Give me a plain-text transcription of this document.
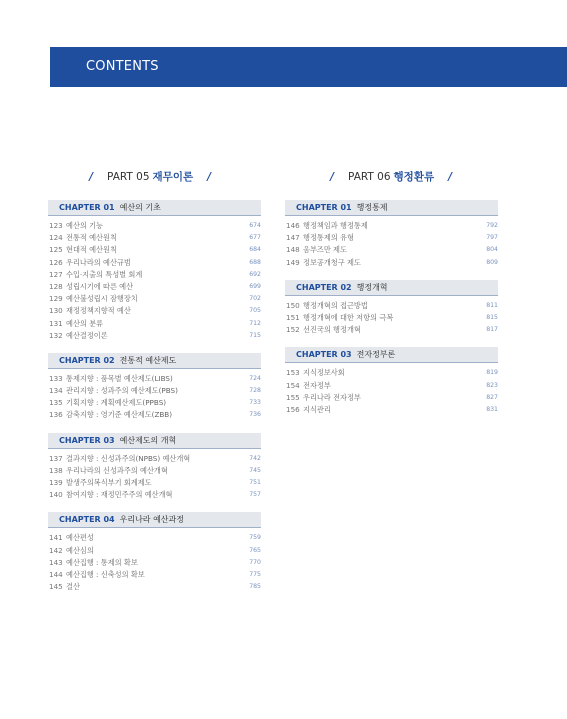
CONTENTS
/ PART 05 재무이론 /	/ PART 06 행정환류 /
CHAPTER 01 예산의 기초
123 예산의 기능	674
124 전통적 예산원칙	677
125 현대적 예산원칙	684
126 우리나라의 예산규범	688
127 수입·지출의 특성별 회계	692
128 성립시기에 따른 예산	699
129 예산불성립시 잠행장치	702
130 재정정책지향적 예산	705
131 예산의 분류	712
132 예산결정이론	715
CHAPTER 02 전통적 예산제도
133 통제지향 : 품목별 예산제도(LIBS)	724
134 관리지향 : 성과주의 예산제도(PBS)	728
135 기획지향 : 계획예산제도(PPBS)	733
136 감축지향 : 영기준 예산제도(ZBB)	736
CHAPTER 03 예산제도의 개혁
137 결과지향 : 신성과주의(NPBS) 예산개혁	742
138 우리나라의 신성과주의 예산개혁	745
139 발생주의복식부기 회계제도	751
140 참여지향 : 재정민주주의 예산개혁	757
CHAPTER 04 우리나라 예산과정
141 예산편성	759
142 예산심의	765
143 예산집행 : 통제의 확보	770
144 예산집행 : 신축성의 확보	775
145 결산	785
CHAPTER 01 행정통제
146 행정책임과 행정통제	792
147 행정통제의 유형	797
148 옴부즈만 제도	804
149 정보공개청구 제도	809
CHAPTER 02 행정개혁
150 행정개혁의 접근방법	811
151 행정개혁에 대한 저항의 극복	815
152 선진국의 행정개혁	817
CHAPTER 03 전자정부론
153 지식정보사회	819
154 전자정부	823
155 우리나라 전자정부	827
156 지식관리	831
